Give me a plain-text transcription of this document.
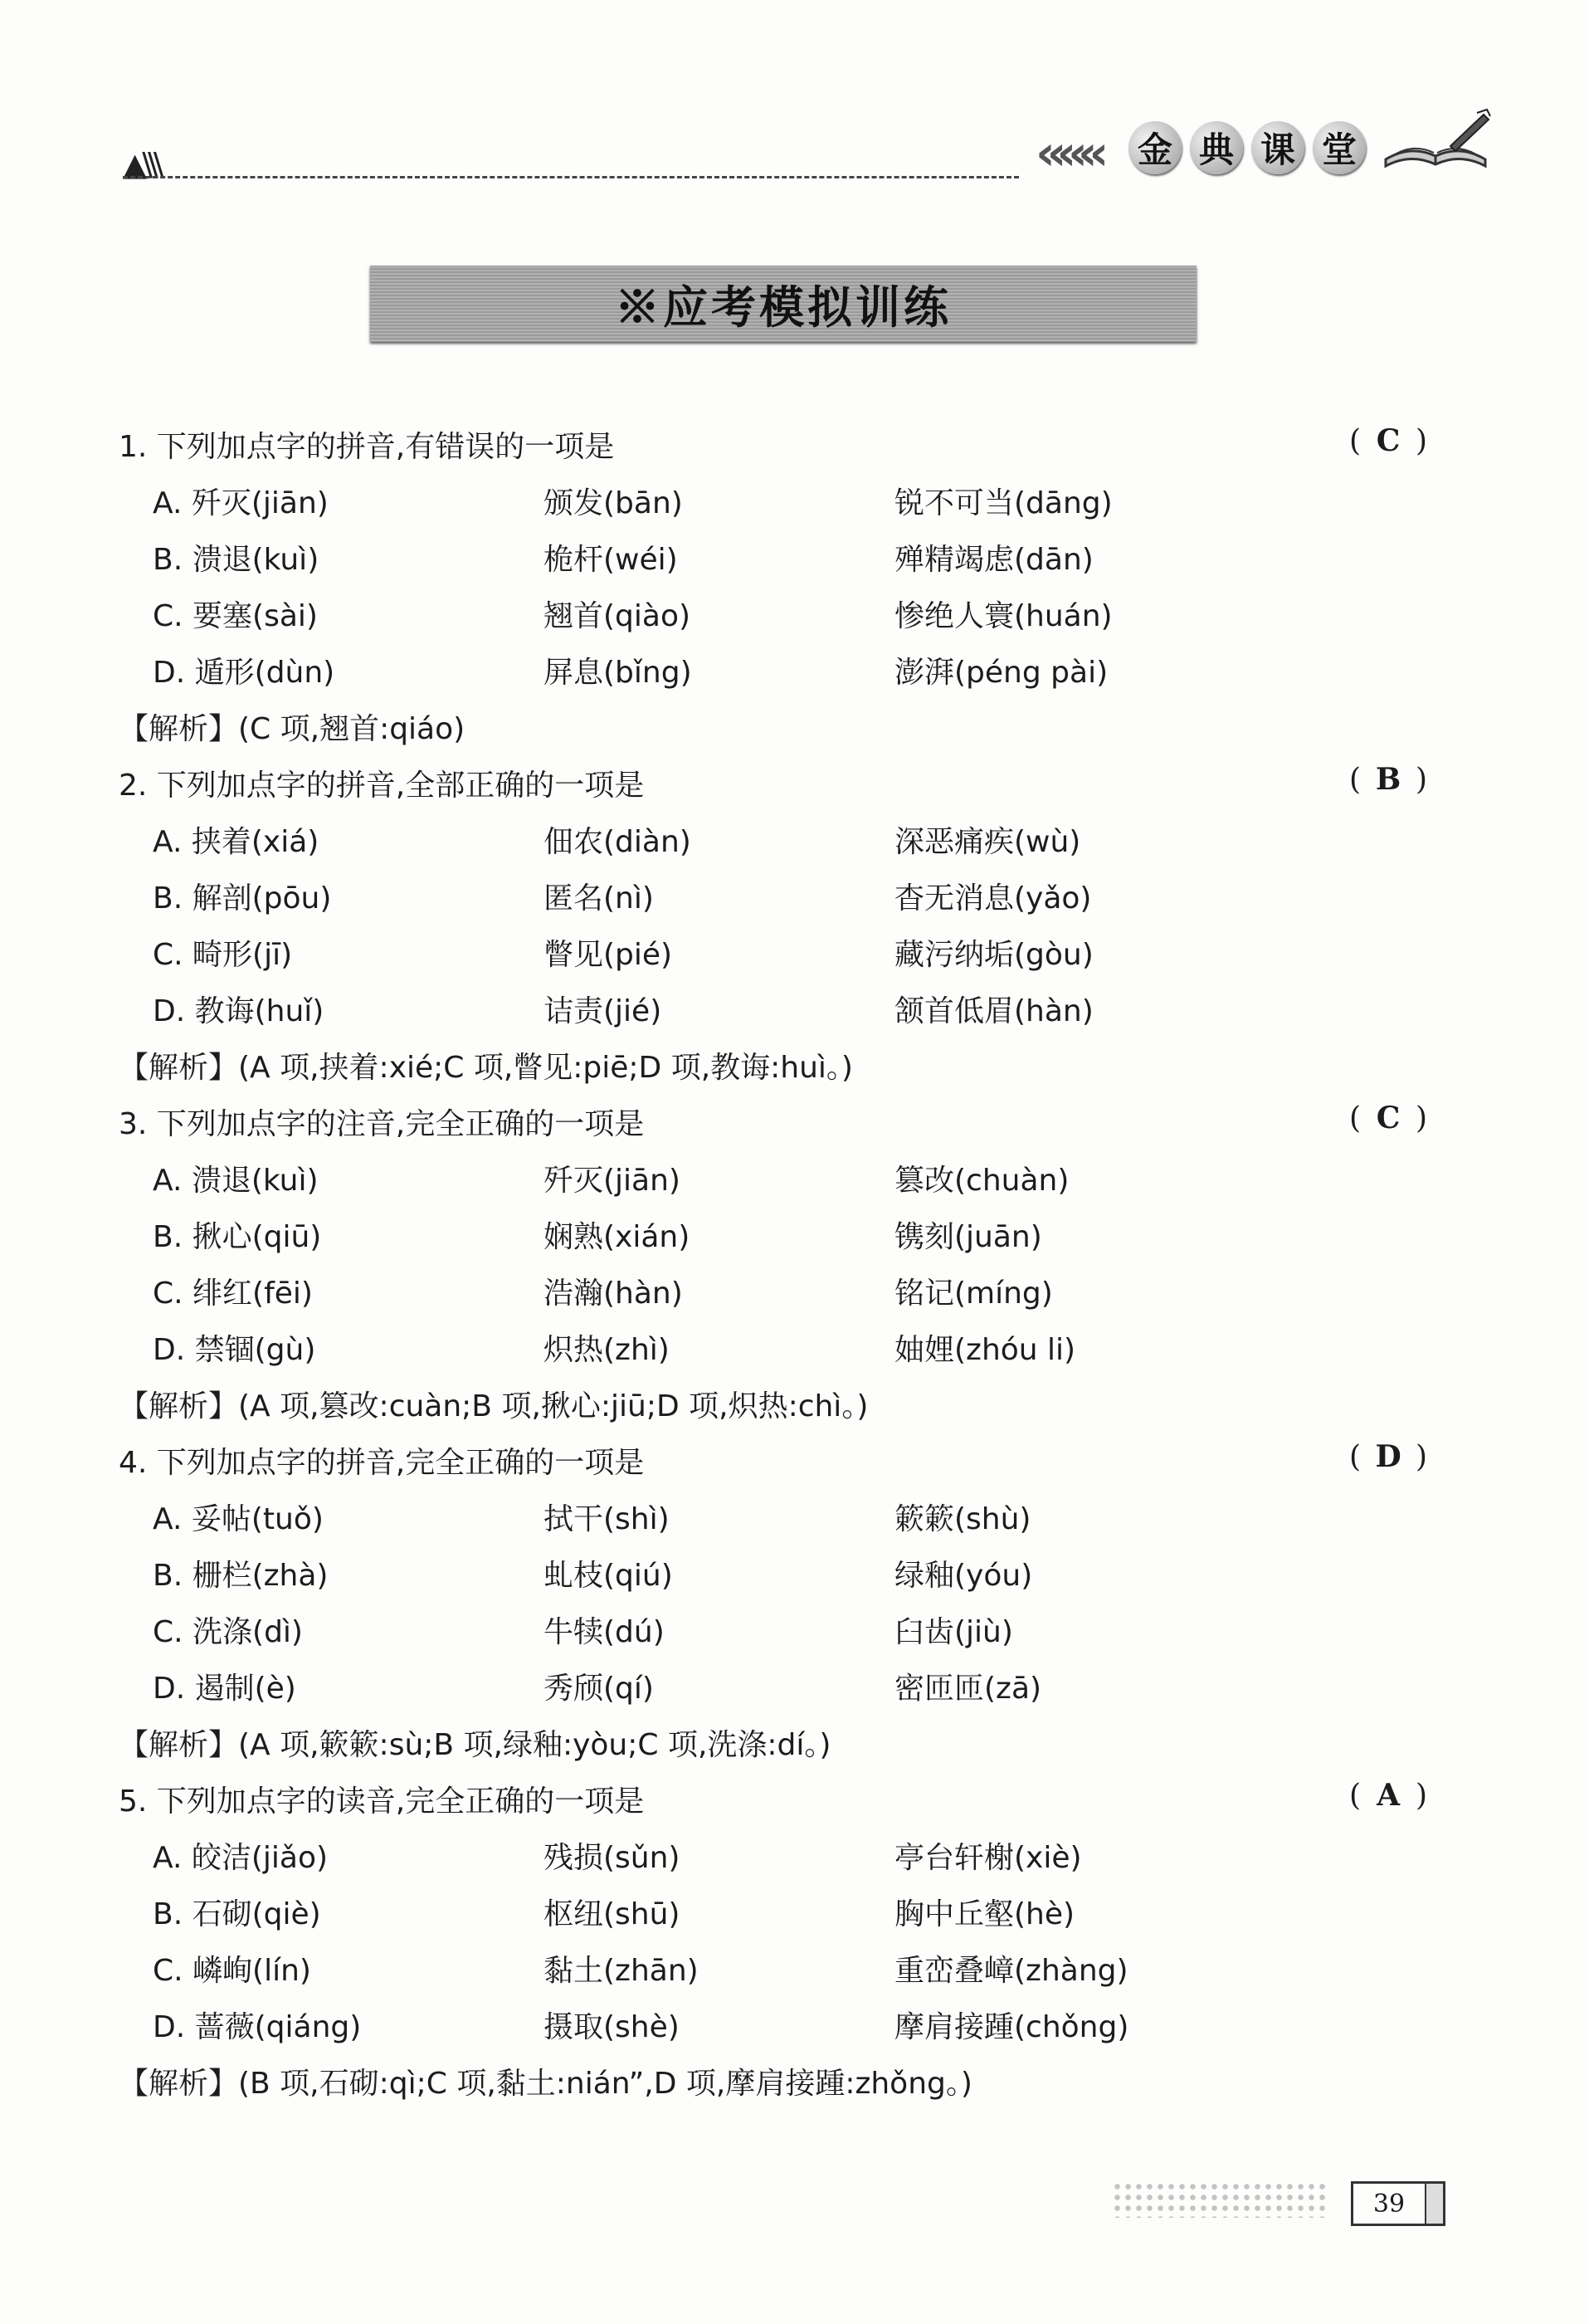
▲\\\	««« 金 典 课 堂
※应考模拟训练
1. 下列加点字的拼音,有错误的一项是	( C )
A. 歼灭(jiān)	颁发(bān)	锐不可当(dāng)
B. 溃退(kuì)	桅杆(wéi)	殚精竭虑(dān)
C. 要塞(sài)	翘首(qiào)	惨绝人寰(huán)
D. 遁形(dùn)	屏息(bǐng)	澎湃(péng pài)
【解析】(C 项,翘首:qiáo)
2. 下列加点字的拼音,全部正确的一项是	( B )
A. 挟着(xiá)	佃农(diàn)	深恶痛疾(wù)
B. 解剖(pōu)	匿名(nì)	杳无消息(yǎo)
C. 畸形(jī)	瞥见(pié)	藏污纳垢(gòu)
D. 教诲(huǐ)	诘责(jié)	颔首低眉(hàn)
【解析】(A 项,挟着:xié;C 项,瞥见:piē;D 项,教诲:huì。)
3. 下列加点字的注音,完全正确的一项是	( C )
A. 溃退(kuì)	歼灭(jiān)	篡改(chuàn)
B. 揪心(qiū)	娴熟(xián)	镌刻(juān)
C. 绯红(fēi)	浩瀚(hàn)	铭记(míng)
D. 禁锢(gù)	炽热(zhì)	妯娌(zhóu li)
【解析】(A 项,篡改:cuàn;B 项,揪心:jiū;D 项,炽热:chì。)
4. 下列加点字的拼音,完全正确的一项是	( D )
A. 妥帖(tuǒ)	拭干(shì)	簌簌(shù)
B. 栅栏(zhà)	虬枝(qiú)	绿釉(yóu)
C. 洗涤(dì)	牛犊(dú)	臼齿(jiù)
D. 遏制(è)	秀颀(qí)	密匝匝(zā)
【解析】(A 项,簌簌:sù;B 项,绿釉:yòu;C 项,洗涤:dí。)
5. 下列加点字的读音,完全正确的一项是	( A )
A. 皎洁(jiǎo)	残损(sǔn)	亭台轩榭(xiè)
B. 石砌(qiè)	枢纽(shū)	胸中丘壑(hè)
C. 嶙峋(lín)	黏土(zhān)	重峦叠嶂(zhàng)
D. 蔷薇(qiáng)	摄取(shè)	摩肩接踵(chǒng)
【解析】(B 项,石砌:qì;C 项,黏土:nián”,D 项,摩肩接踵:zhǒng。)
39
